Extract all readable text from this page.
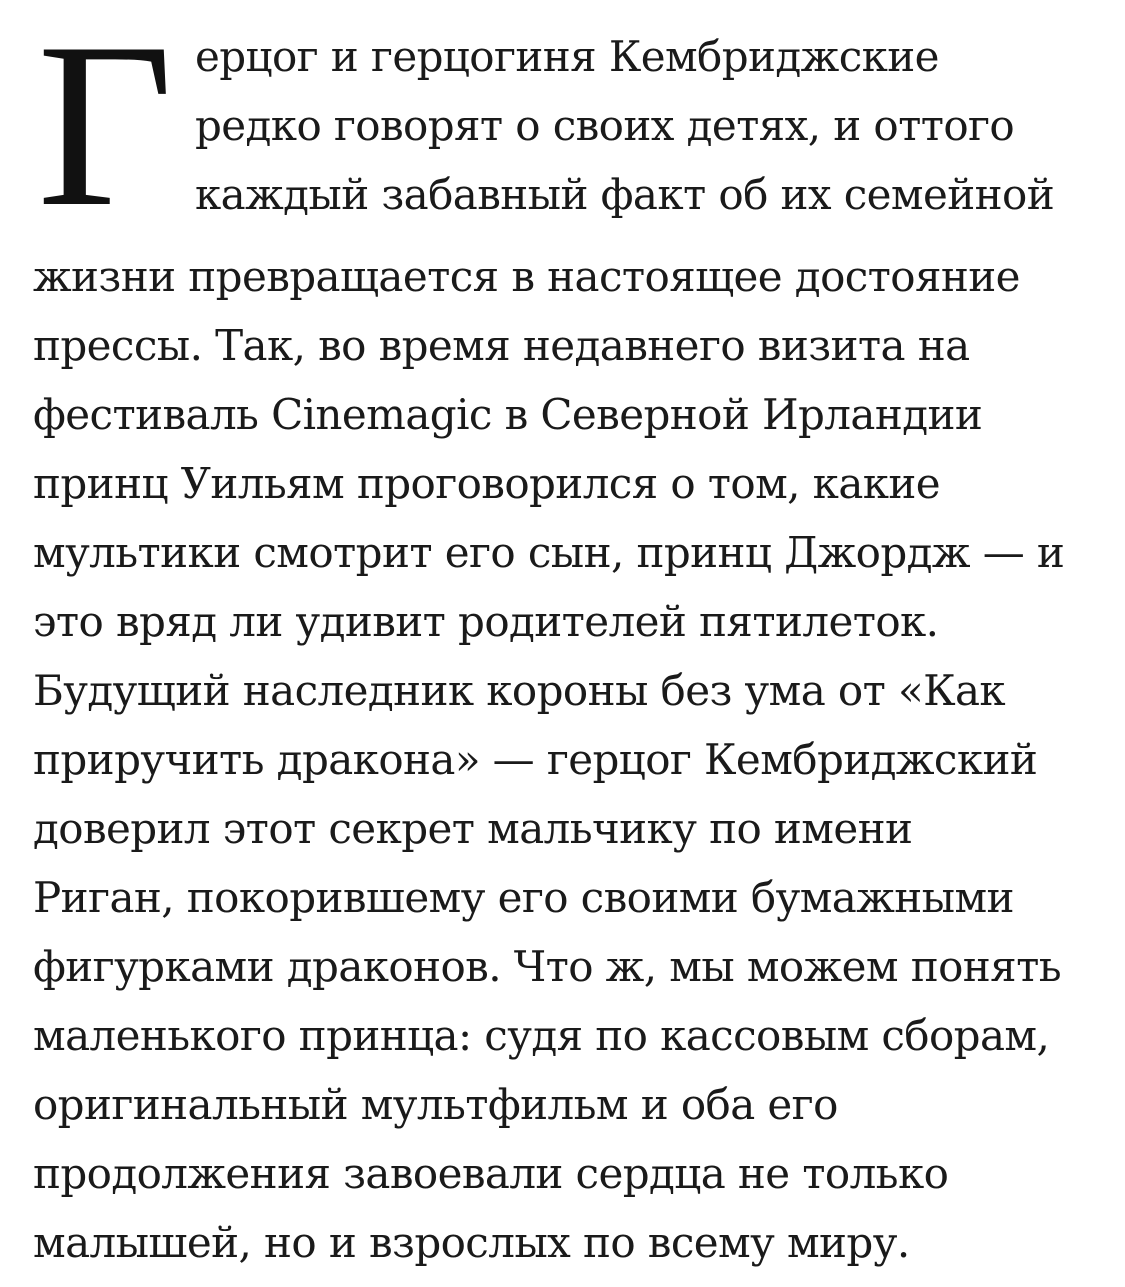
Г ерцог и герцогиня Кембриджские
редко говорят о своих детях, и оттого
каждый забавный факт об их семейной
жизни превращается в настоящее достояние
прессы. Так, во время недавнего визита на
фестиваль Cinemagic в Северной Ирландии
принц Уильям проговорился о том, какие
мультики смотрит его сын, принц Джордж — и
это вряд ли удивит родителей пятилеток.
Будущий наследник короны без ума от «Как
приручить дракона» — герцог Кембриджский
доверил этот секрет мальчику по имени
Риган, покорившему его своими бумажными
фигурками драконов. Что ж, мы можем понять
маленького принца: судя по кассовым сборам,
оригинальный мультфильм и оба его
продолжения завоевали сердца не только
малышей, но и взрослых по всему миру.
